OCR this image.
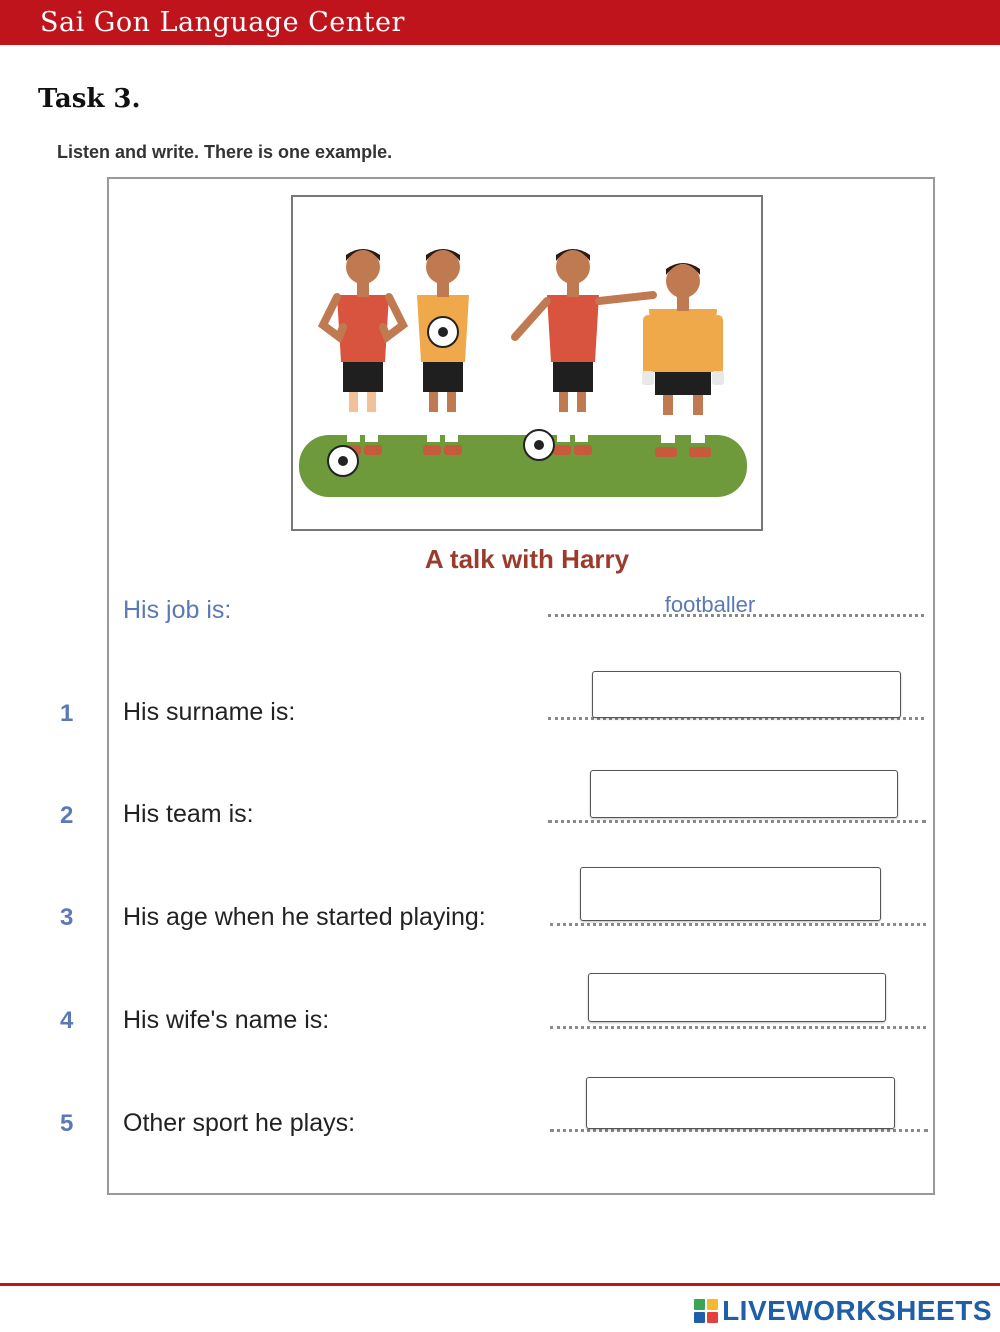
Sai Gon Language Center
Task 3.
Listen and write. There is one example.
A talk with Harry
His job is:	footballer
1 His surname is:
2 His team is:
3 His age when he started playing:
4 His wife's name is:
5 Other sport he plays:
LIVEWORKSHEETS
